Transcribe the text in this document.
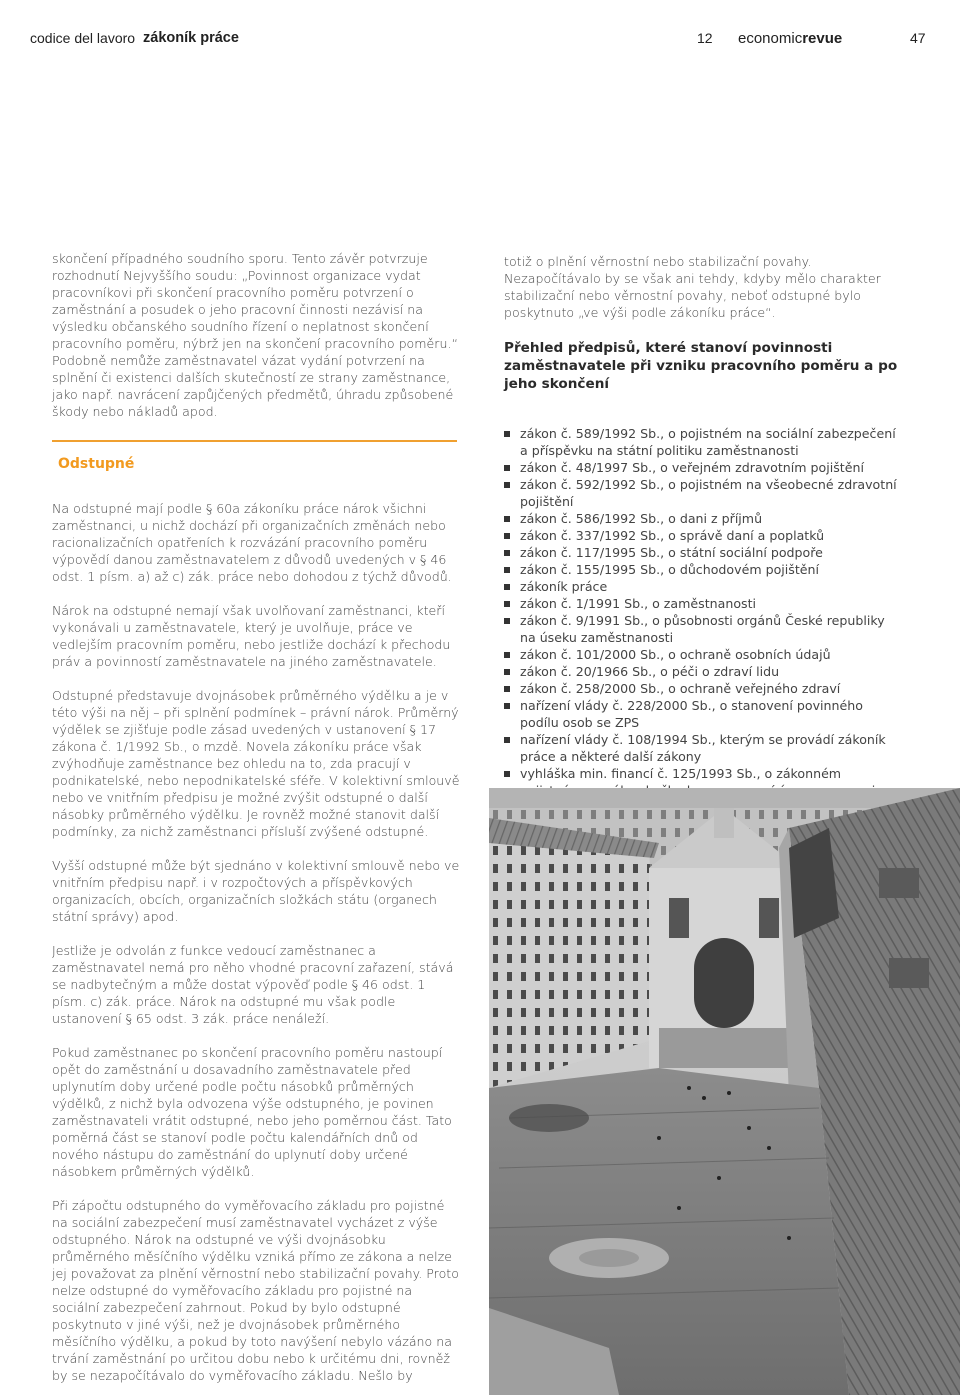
codice del lavoro zákoník práce	12 economicrevue	47

skončení případného soudního sporu. Tento závěr potvrzuje rozhodnutí Nejvyššího soudu: „Povinnost organizace vydat pracovníkovi při skončení pracovního poměru potvrzení o zaměstnání a posudek o jeho pracovní činnosti nezávisí na výsledku občanského soudního řízení o neplatnost skončení pracovního poměru, nýbrž jen na skončení pracovního poměru.“ Podobně nemůže zaměstnavatel vázat vydání potvrzení na splnění či existenci dalších skutečností ze strany zaměstnance, jako např. navrácení zapůjčených předmětů, úhradu způsobené škody nebo nákladů apod.

Odstupné

Na odstupné mají podle § 60a zákoníku práce nárok všichni zaměstnanci, u nichž dochází při organizačních změnách nebo racionalizačních opatřeních k rozvázání pracovního poměru výpovědí danou zaměstnavatelem z důvodů uvedených v § 46 odst. 1 písm. a) až c) zák. práce nebo dohodou z týchž důvodů.

Nárok na odstupné nemají však uvolňovaní zaměstnanci, kteří vykonávali u zaměstnavatele, který je uvolňuje, práce ve vedlejším pracovním poměru, nebo jestliže dochází k přechodu práv a povinností zaměstnavatele na jiného zaměstnavatele.

Odstupné představuje dvojnásobek průměrného výdělku a je v této výši na něj – při splnění podmínek – právní nárok. Průměrný výdělek se zjišťuje podle zásad uvedených v ustanovení § 17 zákona č. 1/1992 Sb., o mzdě. Novela zákoníku práce však zvýhodňuje zaměstnance bez ohledu na to, zda pracují v podnikatelské, nebo nepodnikatelské sféře. V kolektivní smlouvě nebo ve vnitřním předpisu je možné zvýšit odstupné o další násobky průměrného výdělku. Je rovněž možné stanovit další podmínky, za nichž zaměstnanci přísluší zvýšené odstupné.

Vyšší odstupné může být sjednáno v kolektivní smlouvě nebo ve vnitřním předpisu např. i v rozpočtových a příspěvkových organizacích, obcích, organizačních složkách státu (organech státní správy) apod.

Jestliže je odvolán z funkce vedoucí zaměstnanec a zaměstnavatel nemá pro něho vhodné pracovní zařazení, stává se nadbytečným a může dostat výpověď podle § 46 odst. 1 písm. c) zák. práce. Nárok na odstupné mu však podle ustanovení § 65 odst. 3 zák. práce nenáleží.

Pokud zaměstnanec po skončení pracovního poměru nastoupí opět do zaměstnání u dosavadního zaměstnavatele před uplynutím doby určené podle počtu násobků průměrných výdělků, z nichž byla odvozena výše odstupného, je povinen zaměstnavateli vrátit odstupné, nebo jeho poměrnou část. Tato poměrná část se stanoví podle počtu kalendářních dnů od nového nástupu do zaměstnání do uplynutí doby určené násobkem průměrných výdělků.

Při zápočtu odstupného do vyměřovacího základu pro pojistné na sociální zabezpečení musí zaměstnavatel vycházet z výše odstupného. Nárok na odstupné ve výši dvojnásobku průměrného měsíčního výdělku vzniká přímo ze zákona a nelze jej považovat za plnění věrnostní nebo stabilizační povahy. Proto nelze odstupné do vyměřovacího základu pro pojistné na sociální zabezpečení zahrnout. Pokud by bylo odstupné poskytnuto v jiné výši, než je dvojnásobek průměrného měsíčního výdělku, a pokud by toto navýšení nebylo vázáno na trvání zaměstnání po určitou dobu nebo k určitému dni, rovněž by se nezapočítávalo do vyměřovacího základu. Nešlo by

totiž o plnění věrnostní nebo stabilizační povahy. Nezapočítávalo by se však ani tehdy, kdyby mělo charakter stabilizační nebo věrnostní povahy, neboť odstupné bylo poskytnuto „ve výši podle zákoníku práce“.

Přehled předpisů, které stanoví povinnosti zaměstnavatele při vzniku pracovního poměru a po jeho skončení
zákon č. 589/1992 Sb., o pojistném na sociální zabezpečení a příspěvku na státní politiku zaměstnanosti
zákon č. 48/1997 Sb., o veřejném zdravotním pojištění
zákon č. 592/1992 Sb., o pojistném na všeobecné zdravotní pojištění
zákon č. 586/1992 Sb., o dani z příjmů
zákon č. 337/1992 Sb., o správě daní a poplatků
zákon č. 117/1995 Sb., o státní sociální podpoře
zákon č. 155/1995 Sb., o důchodovém pojištění
zákoník práce
zákon č. 1/1991 Sb., o zaměstnanosti
zákon č. 9/1991 Sb., o působnosti orgánů České republiky na úseku zaměstnanosti
zákon č. 101/2000 Sb., o ochraně osobních údajů
zákon č. 20/1966 Sb., o péči o zdraví lidu
zákon č. 258/2000 Sb., o ochraně veřejného zdraví
nařízení vlády č. 228/2000 Sb., o stanovení povinného podílu osob se ZPS
nařízení vlády č. 108/1994 Sb., kterým se provádí zákoník práce a některé další zákony
vyhláška min. financí č. 125/1993 Sb., o zákonném
